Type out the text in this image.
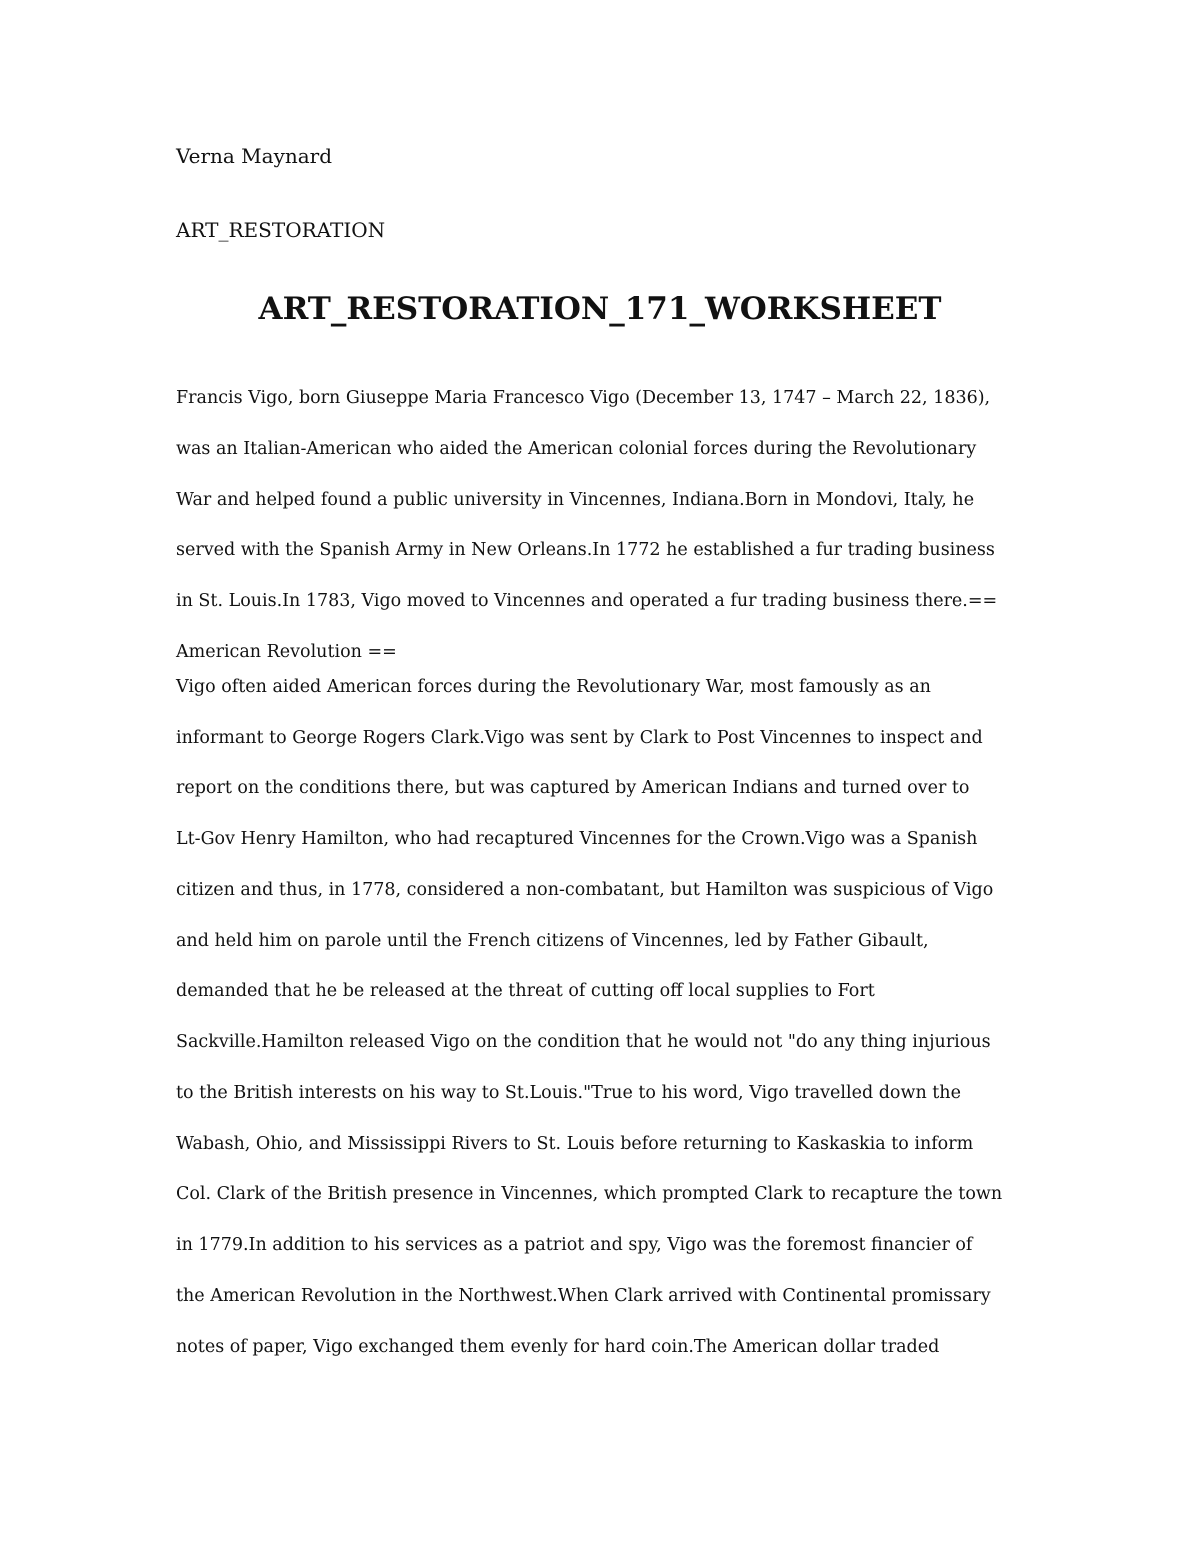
Verna Maynard
ART_RESTORATION
ART_RESTORATION_171_WORKSHEET
Francis Vigo, born Giuseppe Maria Francesco Vigo (December 13, 1747 – March 22, 1836),
was an Italian-American who aided the American colonial forces during the Revolutionary
War and helped found a public university in Vincennes, Indiana.Born in Mondovi, Italy, he
served with the Spanish Army in New Orleans.In 1772 he established a fur trading business
in St. Louis.In 1783, Vigo moved to Vincennes and operated a fur trading business there.==
American Revolution ==
Vigo often aided American forces during the Revolutionary War, most famously as an
informant to George Rogers Clark.Vigo was sent by Clark to Post Vincennes to inspect and
report on the conditions there, but was captured by American Indians and turned over to
Lt-Gov Henry Hamilton, who had recaptured Vincennes for the Crown.Vigo was a Spanish
citizen and thus, in 1778, considered a non-combatant, but Hamilton was suspicious of Vigo
and held him on parole until the French citizens of Vincennes, led by Father Gibault,
demanded that he be released at the threat of cutting off local supplies to Fort
Sackville.Hamilton released Vigo on the condition that he would not "do any thing injurious
to the British interests on his way to St.Louis."True to his word, Vigo travelled down the
Wabash, Ohio, and Mississippi Rivers to St. Louis before returning to Kaskaskia to inform
Col. Clark of the British presence in Vincennes, which prompted Clark to recapture the town
in 1779.In addition to his services as a patriot and spy, Vigo was the foremost financier of
the American Revolution in the Northwest.When Clark arrived with Continental promissary
notes of paper, Vigo exchanged them evenly for hard coin.The American dollar traded
